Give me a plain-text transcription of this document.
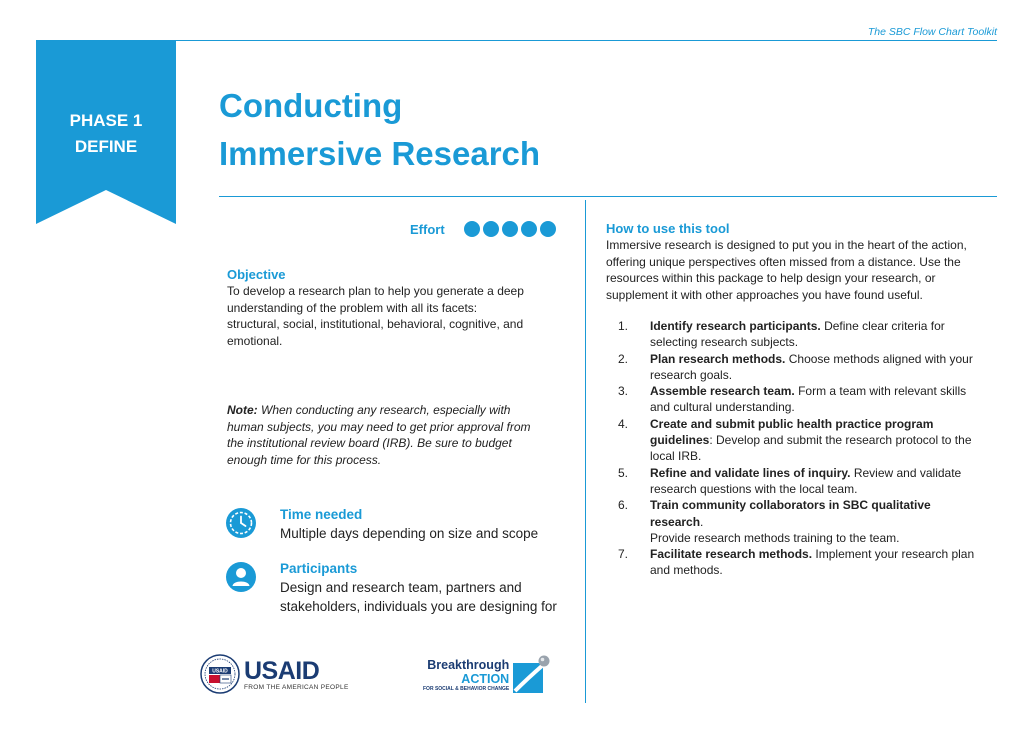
The SBC Flow Chart Toolkit
PHASE 1
DEFINE
Conducting
Immersive Research
Effort
Objective
To develop a research plan to help you generate a deep
understanding of the problem with all its facets:
structural, social, institutional, behavioral, cognitive, and
emotional.
Note: When conducting any research, especially with
human subjects, you may need to get prior approval from
the institutional review board (IRB). Be sure to budget
enough time for this process.
Time needed
Multiple days depending on size and scope
Participants
Design and research team, partners and
stakeholders, individuals you are designing for
How to use this tool
Immersive research is designed to put you in the heart of the action,
offering unique perspectives often missed from a distance. Use the
resources within this package to help design your research, or
supplement it with other approaches you have found useful.
1.	Identify research participants. Define clear criteria for
selecting research subjects.
2.	Plan research methods. Choose methods aligned with your
research goals.
3.	Assemble research team. Form a team with relevant skills
and cultural understanding.
4.	Create and submit public health practice program
guidelines: Develop and submit the research protocol to the
local IRB.
5.	Refine and validate lines of inquiry. Review and validate
research questions with the local team.
6.	Train community collaborators in SBC qualitative research.
Provide research methods training to the team.
7.	Facilitate research methods. Implement your research plan
and methods.
USAID USAID
FROM THE AMERICAN PEOPLE
Breakthrough
ACTION
FOR SOCIAL & BEHAVIOR CHANGE
